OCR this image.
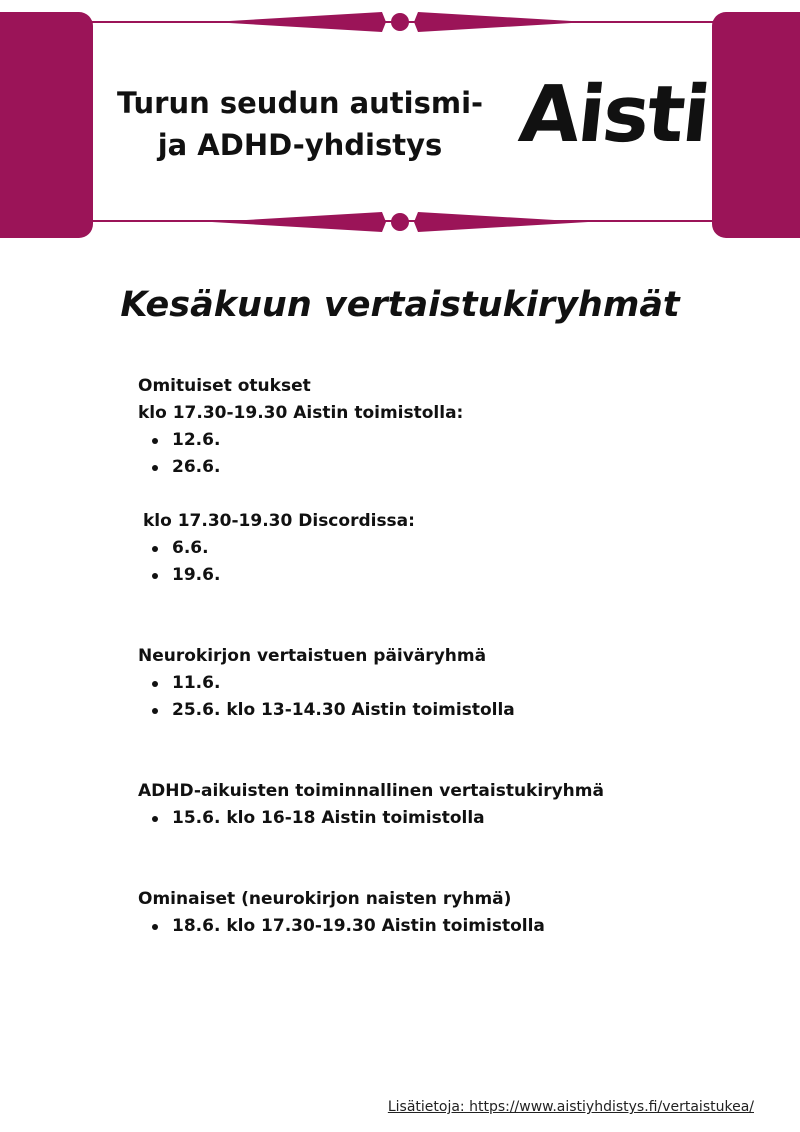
Turun seudun autismi-
ja ADHD-yhdistys Aisti
Kesäkuun vertaistukiryhmät
Omituiset otukset
klo 17.30-19.30 Aistin toimistolla:
12.6.
26.6.
klo 17.30-19.30 Discordissa:
6.6.
19.6.
Neurokirjon vertaistuen päiväryhmä
11.6.
25.6. klo 13-14.30 Aistin toimistolla
ADHD-aikuisten toiminnallinen vertaistukiryhmä
15.6. klo 16-18 Aistin toimistolla
Ominaiset (neurokirjon naisten ryhmä)
18.6. klo 17.30-19.30 Aistin toimistolla
Lisätietoja: https://www.aistiyhdistys.fi/vertaistukea/
